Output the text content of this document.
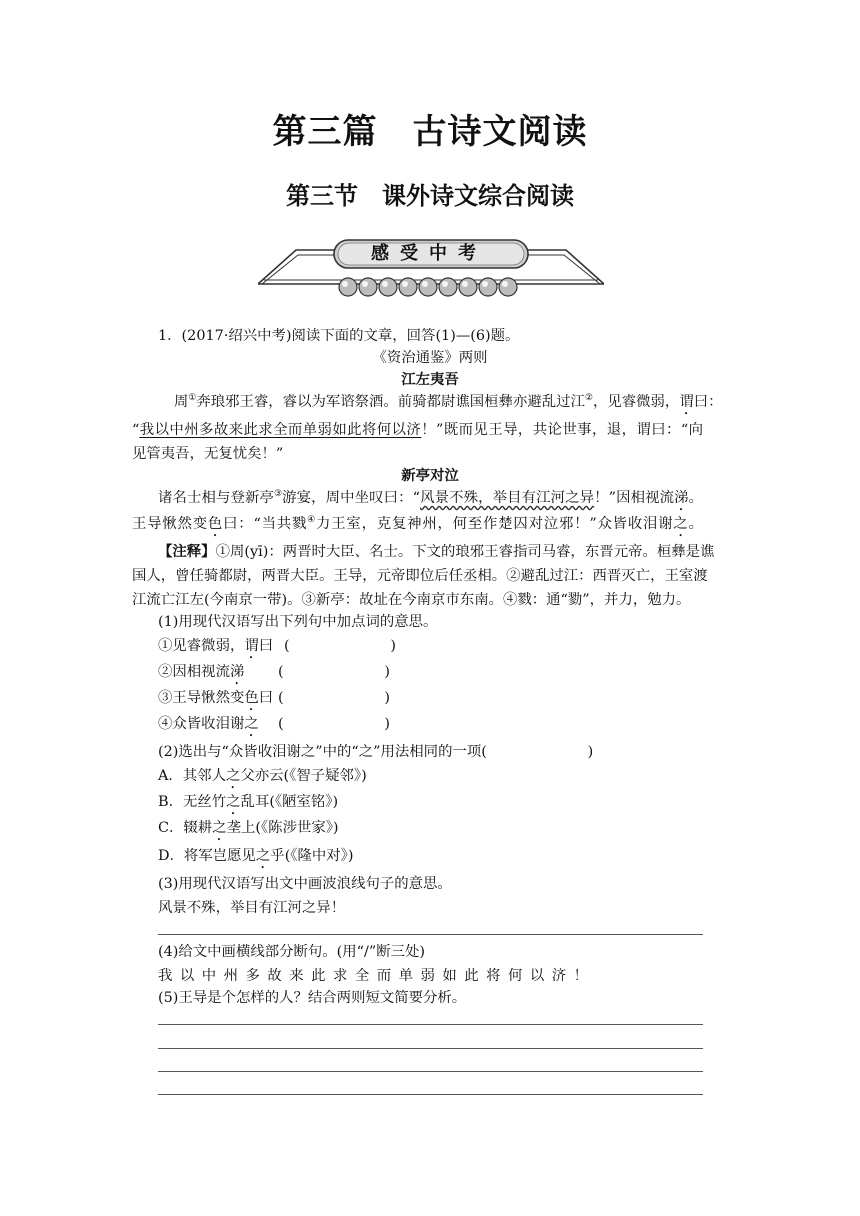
第三篇　古诗文阅读
第三节　课外诗文综合阅读
感受中考
1．(2017·绍兴中考)阅读下面的文章，回答(1)—(6)题。
《资治通鉴》两则
江左夷吾
　周①奔琅邪王睿，睿以为军谘祭酒。前骑都尉谯国桓彝亦避乱过江②，见睿微弱，谓曰：
“我以中州多故来此求全而单弱如此将何以济！”既而见王导，共论世事，退，谓曰：“向
见管夷吾，无复忧矣！”
新亭对泣
诸名士相与登新亭③游宴，周中坐叹曰：“风景不殊，举目有江河之异！”因相视流涕。
王导愀然变色曰：“当共戮④力王室，克复神州，何至作楚囚对泣邪！”众皆收泪谢之。
【注释】①周(yī)：两晋时大臣、名士。下文的琅邪王睿指司马睿，东晋元帝。桓彝是谯
国人，曾任骑都尉，两晋大臣。王导，元帝即位后任丞相。②避乱过江：西晋灭亡，王室渡
江流亡江左(今南京一带)。③新亭：故址在今南京市东南。④戮：通“勠”，并力，勉力。
(1)用现代汉语写出下列句中加点词的意思。
①见睿微弱，谓曰 (　　　　　　　)
②因相视流涕 (　　　　　　　)
③王导愀然变色曰 (　　　　　　　)
④众皆收泪谢之 (　　　　　　　)
(2)选出与“众皆收泪谢之”中的“之”用法相同的一项(　　　　　　　)
A．其邻人之父亦云(《智子疑邻》)
B．无丝竹之乱耳(《陋室铭》)
C．辍耕之垄上(《陈涉世家》)
D．将军岂愿见之乎(《隆中对》)
(3)用现代汉语写出文中画波浪线句子的意思。
风景不殊，举目有江河之异！
(4)给文中画横线部分断句。(用“/”断三处)
我以中州多故来此求全而单弱如此将何以济！
(5)王导是个怎样的人？结合两则短文简要分析。
